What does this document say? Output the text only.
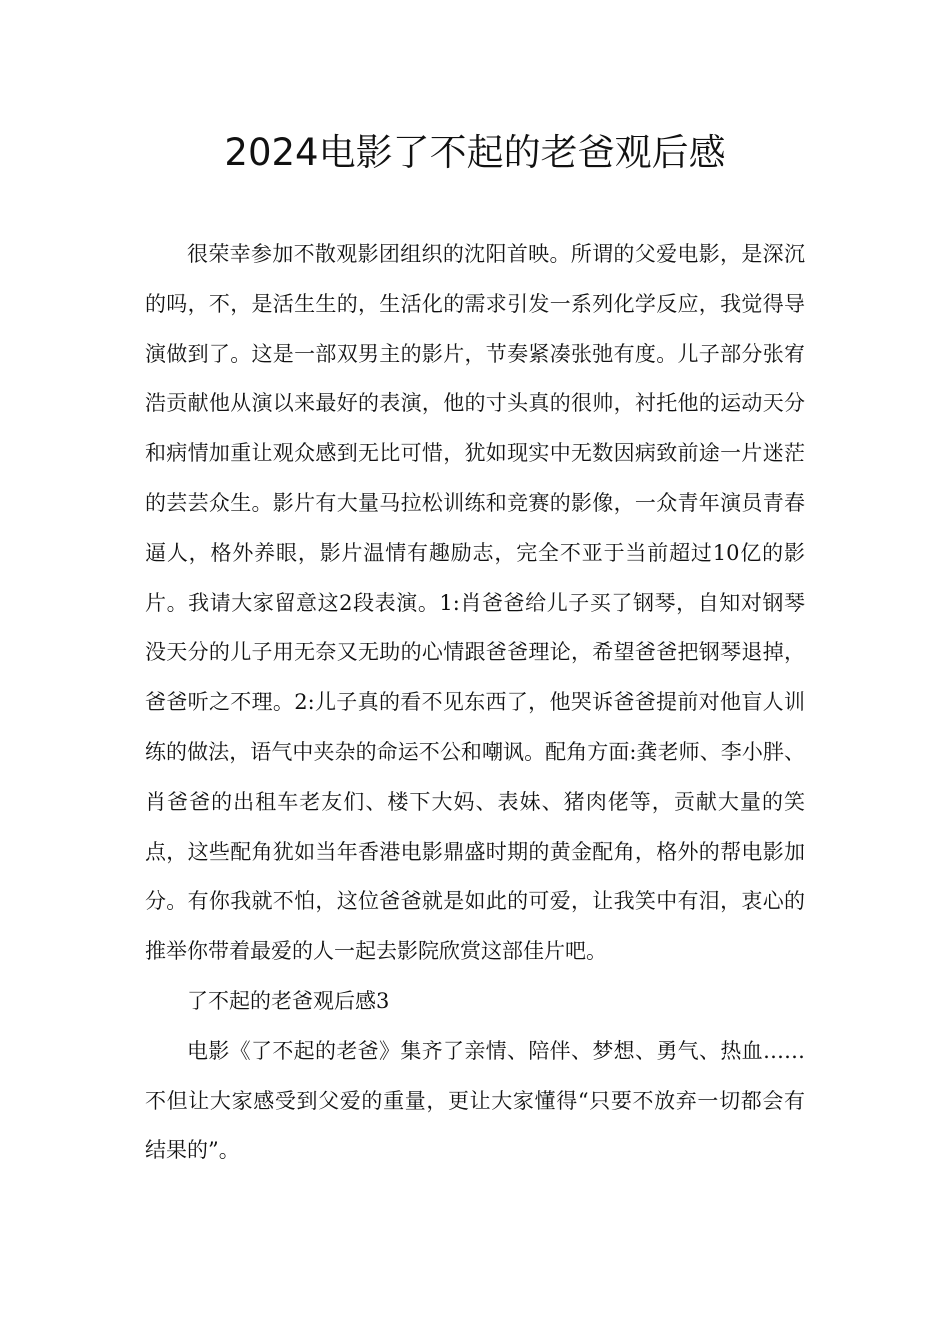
2024电影了不起的老爸观后感

很荣幸参加不散观影团组织的沈阳首映。所谓的父爱电影，是深沉的吗，不，是活生生的，生活化的需求引发一系列化学反应，我觉得导演做到了。这是一部双男主的影片，节奏紧凑张弛有度。儿子部分张宥浩贡献他从演以来最好的表演，他的寸头真的很帅，衬托他的运动天分和病情加重让观众感到无比可惜，犹如现实中无数因病致前途一片迷茫的芸芸众生。影片有大量马拉松训练和竞赛的影像，一众青年演员青春逼人，格外养眼，影片温情有趣励志，完全不亚于当前超过10亿的影片。我请大家留意这2段表演。1:肖爸爸给儿子买了钢琴，自知对钢琴没天分的儿子用无奈又无助的心情跟爸爸理论，希望爸爸把钢琴退掉，爸爸听之不理。2:儿子真的看不见东西了，他哭诉爸爸提前对他盲人训练的做法，语气中夹杂的命运不公和嘲讽。配角方面:龚老师、李小胖、肖爸爸的出租车老友们、楼下大妈、表妹、猪肉佬等，贡献大量的笑点，这些配角犹如当年香港电影鼎盛时期的黄金配角，格外的帮电影加分。有你我就不怕，这位爸爸就是如此的可爱，让我笑中有泪，衷心的推举你带着最爱的人一起去影院欣赏这部佳片吧。

了不起的老爸观后感3

电影《了不起的老爸》集齐了亲情、陪伴、梦想、勇气、热血……不但让大家感受到父爱的重量，更让大家懂得“只要不放弃一切都会有结果的”。
